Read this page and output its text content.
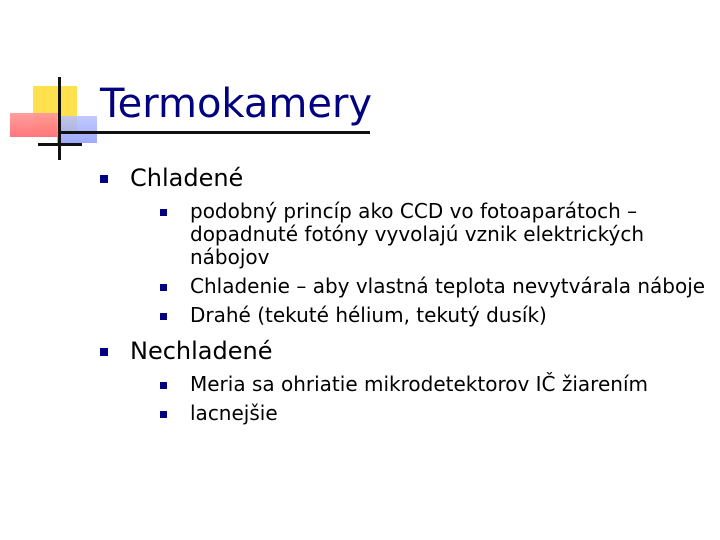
Termokamery
Chladené
podobný princíp ako CCD vo fotoaparátoch – dopadnuté fotóny vyvolajú vznik elektrických nábojov
Chladenie – aby vlastná teplota nevytvárala náboje
Drahé (tekuté hélium, tekutý dusík)
Nechladené
Meria sa ohriatie mikrodetektorov IČ žiarením
lacnejšie
